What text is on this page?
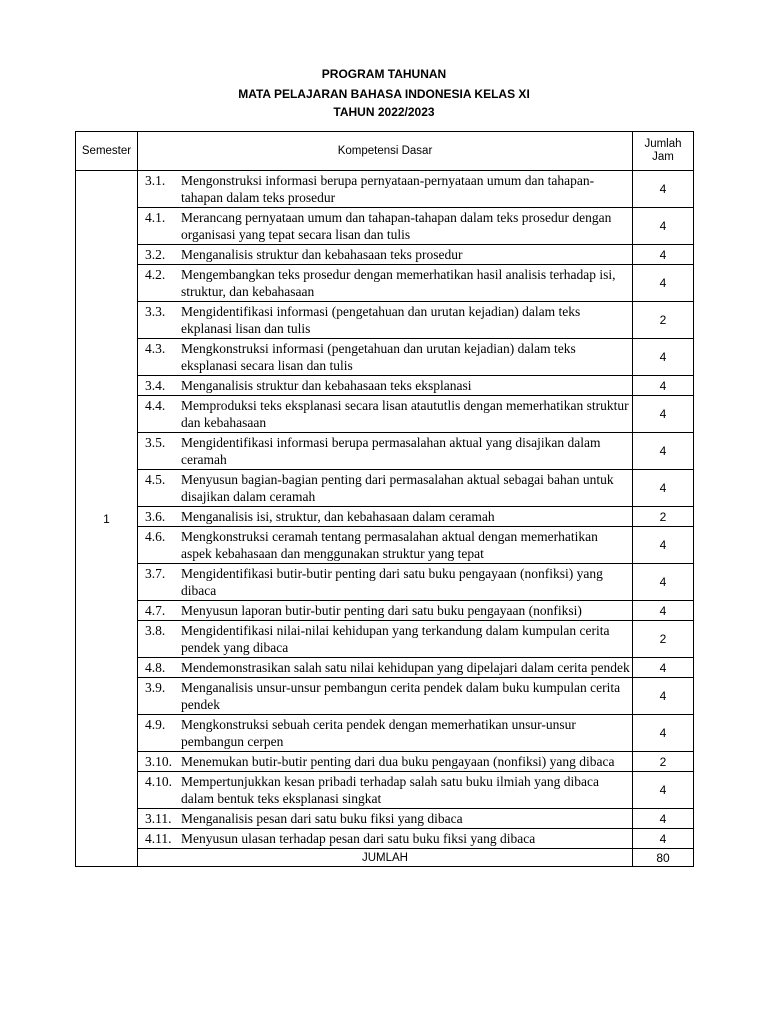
PROGRAM TAHUNAN
MATA PELAJARAN BAHASA INDONESIA KELAS XI
TAHUN 2022/2023
Semester	Kompetensi Dasar	Jumlah
Jam

1	3.1. Mengonstruksi informasi berupa pernyataan-pernyataan umum dan tahapan-tahapan dalam teks prosedur	4

	4.1. Merancang pernyataan umum dan tahapan-tahapan dalam teks prosedur dengan organisasi yang tepat secara lisan dan tulis	4

	3.2. Menganalisis struktur dan kebahasaan teks prosedur	4

	4.2. Mengembangkan teks prosedur dengan memerhatikan hasil analisis terhadap isi, struktur, dan kebahasaan	4

	3.3. Mengidentifikasi informasi (pengetahuan dan urutan kejadian) dalam teks ekplanasi lisan dan tulis	2

	4.3. Mengkonstruksi informasi (pengetahuan dan urutan kejadian) dalam teks eksplanasi secara lisan dan tulis	4

	3.4. Menganalisis struktur dan kebahasaan teks eksplanasi	4

	4.4. Memproduksi teks eksplanasi secara lisan ataututlis dengan memerhatikan struktur dan kebahasaan	4

	3.5. Mengidentifikasi informasi berupa permasalahan aktual yang disajikan dalam ceramah	4

	4.5. Menyusun bagian-bagian penting dari permasalahan aktual sebagai bahan untuk disajikan dalam ceramah	4

	3.6. Menganalisis isi, struktur, dan kebahasaan dalam ceramah	2

	4.6. Mengkonstruksi ceramah tentang permasalahan aktual dengan memerhatikan aspek kebahasaan dan menggunakan struktur yang tepat	4

	3.7. Mengidentifikasi butir-butir penting dari satu buku pengayaan (nonfiksi) yang dibaca	4

	4.7. Menyusun laporan butir-butir penting dari satu buku pengayaan (nonfiksi)	4

	3.8. Mengidentifikasi nilai-nilai kehidupan yang terkandung dalam kumpulan cerita pendek yang dibaca	2

	4.8. Mendemonstrasikan salah satu nilai kehidupan yang dipelajari dalam cerita pendek	4

	3.9. Menganalisis unsur-unsur pembangun cerita pendek dalam buku kumpulan cerita pendek	4

	4.9. Mengkonstruksi sebuah cerita pendek dengan memerhatikan unsur-unsur pembangun cerpen	4

	3.10. Menemukan butir-butir penting dari dua buku pengayaan (nonfiksi) yang dibaca	2

	4.10. Mempertunjukkan kesan pribadi terhadap salah satu buku ilmiah yang dibaca dalam bentuk teks eksplanasi singkat	4

	3.11. Menganalisis pesan dari satu buku fiksi yang dibaca	4

	4.11. Menyusun ulasan terhadap pesan dari satu buku fiksi yang dibaca	4
	JUMLAH	80
